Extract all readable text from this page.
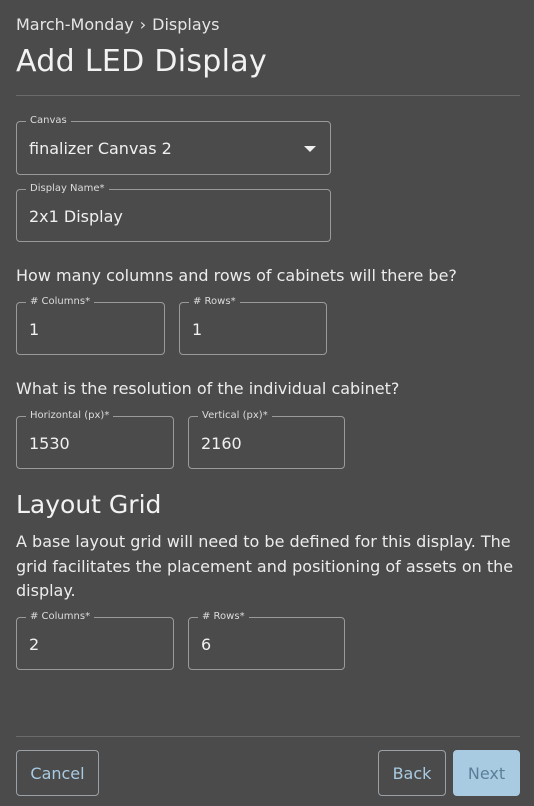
March-Monday › Displays
Add LED Display
Canvas
finalizer Canvas 2
Display Name*
2x1 Display
How many columns and rows of cabinets will there be?
# Columns*
1
# Rows*
1
What is the resolution of the individual cabinet?
Horizontal (px)*
1530
Vertical (px)*
2160
Layout Grid
A base layout grid will need to be defined for this display. The grid facilitates the placement and positioning of assets on the display.
# Columns*
2
# Rows*
6
Cancel	Back	Next
